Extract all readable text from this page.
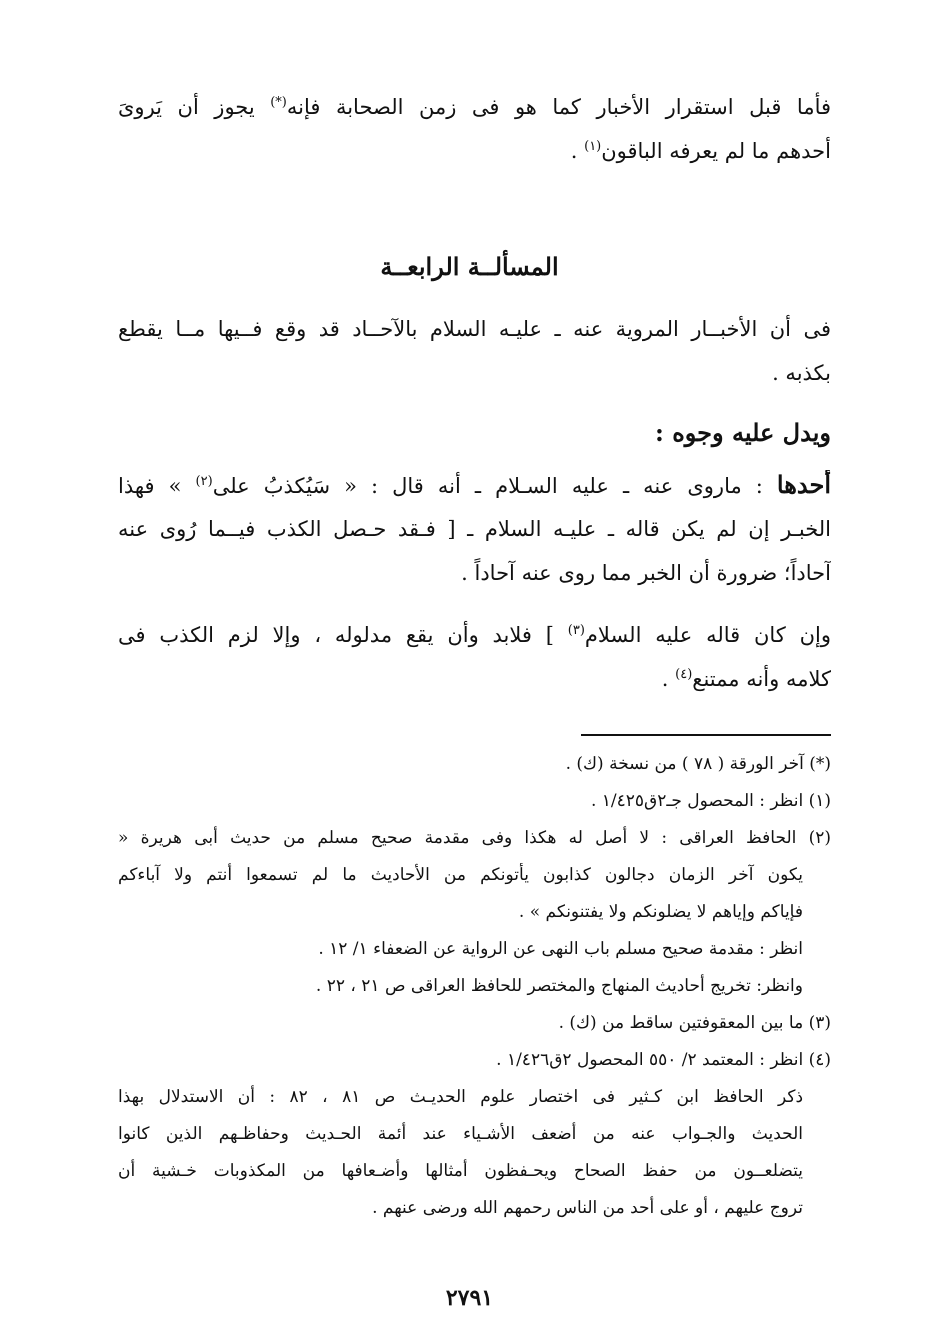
فأما قبل استقرار الأخبار كما هو فى زمن الصحابة فإنه(*) يجوز أن يَروىَ
أحدهم ما لم يعرفه الباقون$^{(١)}$ .
المسألــة الرابعــة
فى أن الأخبــار المروية عنه ـ عليـه السلام بالآحــاد قد وقع فــيها مــا يقطع
بكذبه .
ويدل عليه وجوه :
أحدها : ماروى عنه ـ عليه السـلام ـ أنه قال : « سَيُكذبُ على$^{(٢)}$ » فهذا
الخبـر إن لم يكن قاله ـ عليـه السلام ـ [ فـقد حـصل الكذب فيــما رُوى عنه
آحاداً؛ ضرورة أن الخبر مما روى عنه آحاداً .
وإن كان قاله عليه السلام$^{(٣)}$ ] فلابد وأن يقع مدلوله ، وإلا لزم الكذب فى
كلامه وأنه ممتنع$^{(٤)}$ .
(*) آخر الورقة ( ٧٨ ) من نسخة (ك) .
(١) انظر : المحصول جـ٢ق١/٤٢٥ .
(٢) الحافظ العراقى : لا أصل له هكذا وفى مقدمة صحيح مسلم من حديث أبى هريرة «
يكون آخر الزمان دجالون كذابون يأتونكم من الأحاديث ما لم تسمعوا أنتم ولا آباءكم
فإياكم وإياهم لا يضلونكم ولا يفتنونكم » .
انظر : مقدمة صحيح مسلم باب النهى عن الرواية عن الضعفاء ١/ ١٢ .
وانظر: تخريج أحاديث المنهاج والمختصر للحافظ العراقى ص ٢١ ، ٢٢ .
(٣) ما بين المعقوفتين ساقط من (ك) .
(٤) انظر : المعتمد ٢/ ٥٥٠ المحصول ٢ق١/٤٢٦ .
ذكر الحافظ ابن كـثير فى اختصار علوم الحديـث ص ٨١ ، ٨٢ : أن الاستدلال بهذا
الحديث والجـواب عنه من أضعف الأشـياء عند أئمة الحـديث وحفاظـهم الذين كانوا
يتضلعــون من حفظ الصحاح ويحـفظون أمثالها وأضـعافها من المكذوبات خـشية أن
تروج عليهم ، أو على أحد من الناس رحمهم الله ورضى عنهم .
٢٧٩١
